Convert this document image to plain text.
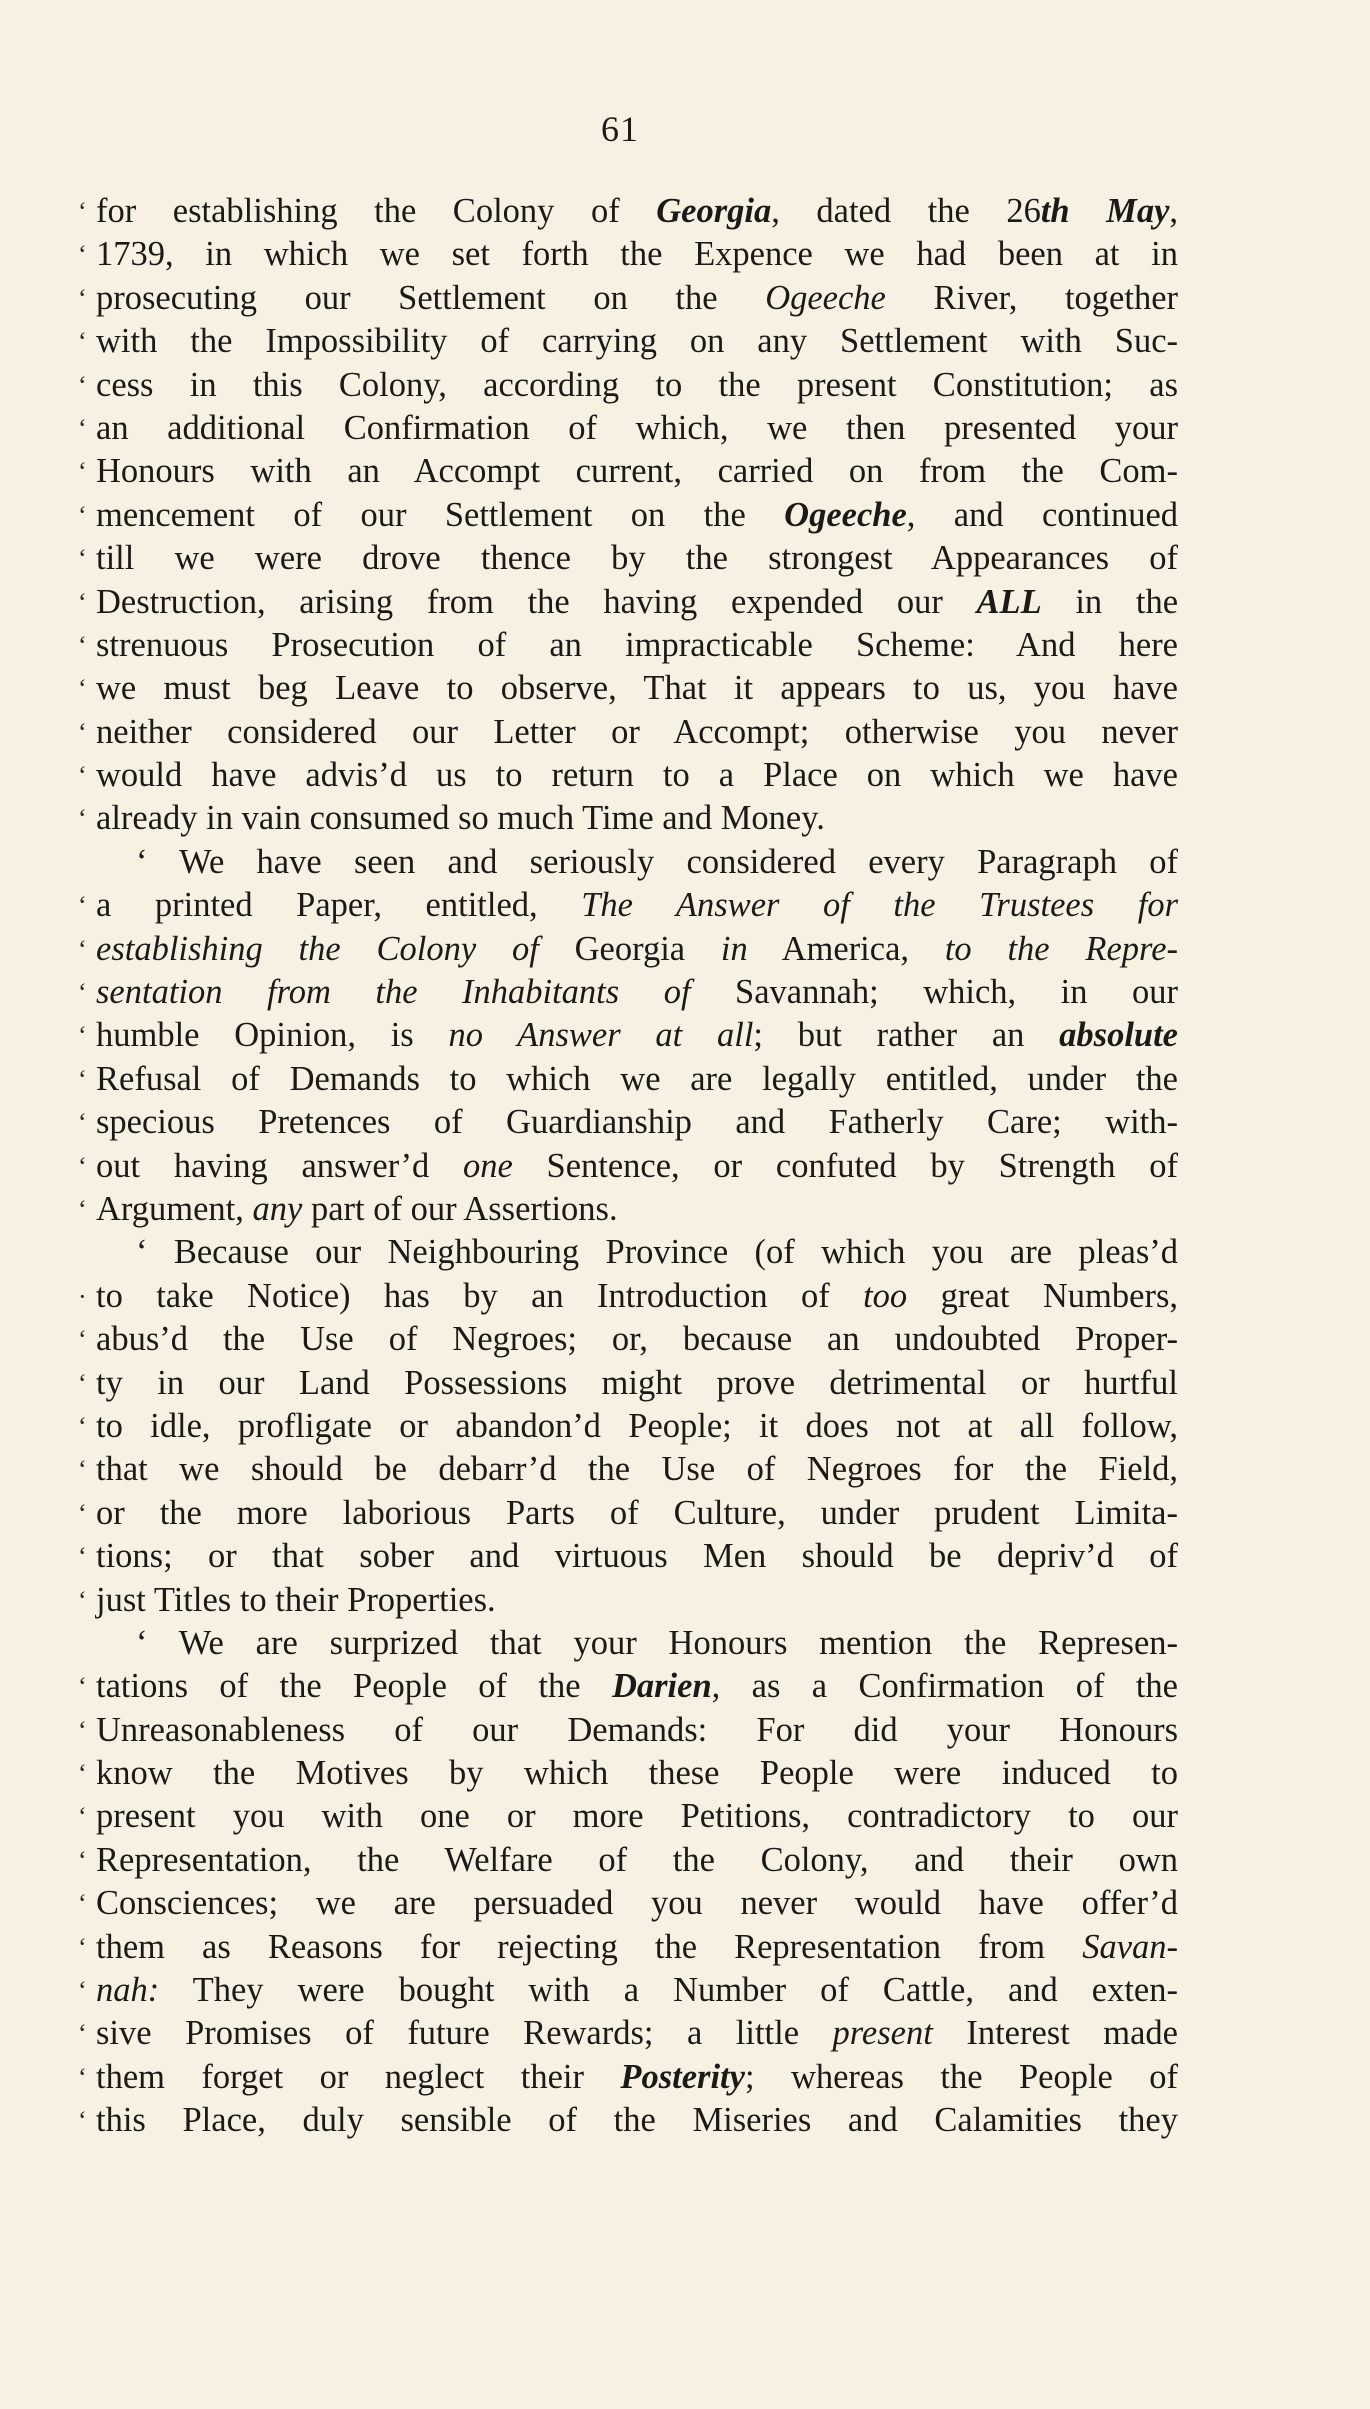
61
‘ for establishing the Colony of Georgia, dated the 26th May,
‘ 1739, in which we set forth the Expence we had been at in
‘ prosecuting our Settlement on the Ogeeche River, together
‘ with the Impossibility of carrying on any Settlement with Suc-
‘ cess in this Colony, according to the present Constitution; as
‘ an additional Confirmation of which, we then presented your
‘ Honours with an Accompt current, carried on from the Com-
‘ mencement of our Settlement on the Ogeeche, and continued
‘ till we were drove thence by the strongest Appearances of
‘ Destruction, arising from the having expended our ALL in the
‘ strenuous Prosecution of an impracticable Scheme: And here
‘ we must beg Leave to observe, That it appears to us, you have
‘ neither considered our Letter or Accompt; otherwise you never
‘ would have advis’d us to return to a Place on which we have
‘ already in vain consumed so much Time and Money.
‘ We have seen and seriously considered every Paragraph of
‘ a printed Paper, entitled, The Answer of the Trustees for
‘ establishing the Colony of Georgia in America, to the Repre-
‘ sentation from the Inhabitants of Savannah; which, in our
‘ humble Opinion, is no Answer at all; but rather an absolute
‘ Refusal of Demands to which we are legally entitled, under the
‘ specious Pretences of Guardianship and Fatherly Care; with-
‘ out having answer’d one Sentence, or confuted by Strength of
‘ Argument, any part of our Assertions.
‘ Because our Neighbouring Province (of which you are pleas’d
· to take Notice) has by an Introduction of too great Numbers,
‘ abus’d the Use of Negroes; or, because an undoubted Proper-
‘ ty in our Land Possessions might prove detrimental or hurtful
‘ to idle, profligate or abandon’d People; it does not at all follow,
‘ that we should be debarr’d the Use of Negroes for the Field,
‘ or the more laborious Parts of Culture, under prudent Limita-
‘ tions; or that sober and virtuous Men should be depriv’d of
‘ just Titles to their Properties.
‘ We are surprized that your Honours mention the Represen-
‘ tations of the People of the Darien, as a Confirmation of the
‘ Unreasonableness of our Demands: For did your Honours
‘ know the Motives by which these People were induced to
‘ present you with one or more Petitions, contradictory to our
‘ Representation, the Welfare of the Colony, and their own
‘ Consciences; we are persuaded you never would have offer’d
‘ them as Reasons for rejecting the Representation from Savan-
‘ nah: They were bought with a Number of Cattle, and exten-
‘ sive Promises of future Rewards; a little present Interest made
‘ them forget or neglect their Posterity; whereas the People of
‘ this Place, duly sensible of the Miseries and Calamities they
